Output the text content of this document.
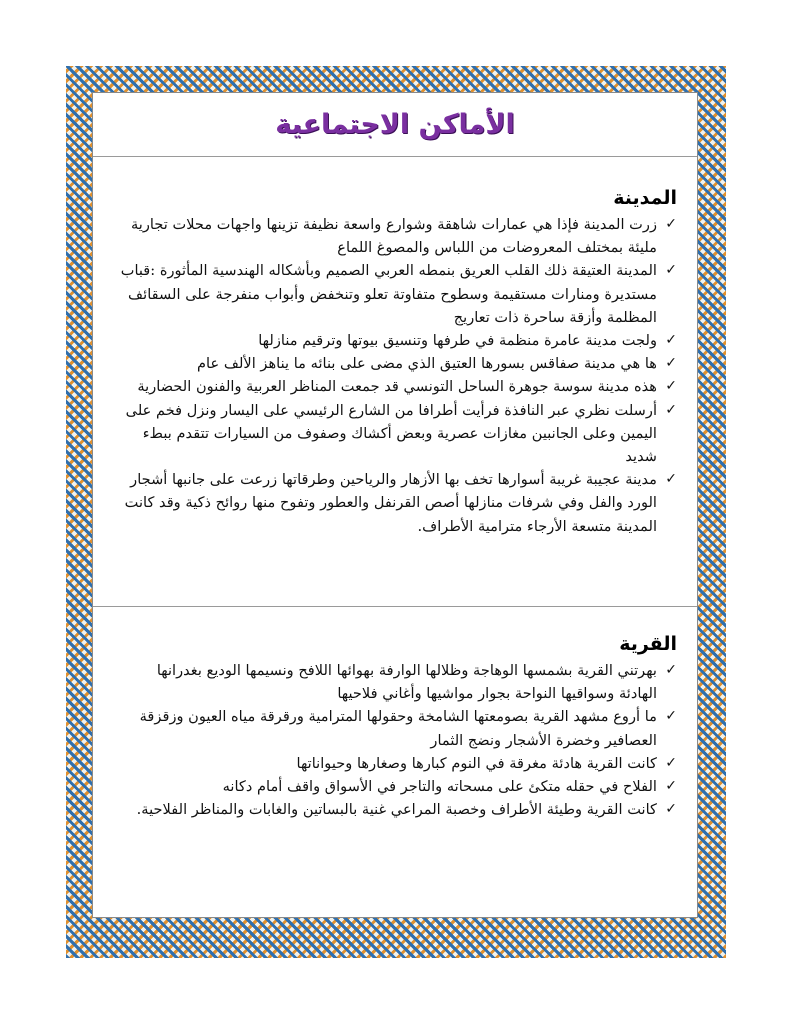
الأماكن الاجتماعية
المدينة
✓
زرت المدينة فإذا هي عمارات شاهقة وشوارع واسعة نظيفة تزينها واجهات محلات تجارية مليئة بمختلف المعروضات من اللباس والمصوغ اللماع
✓
المدينة العتيقة ذلك القلب العريق بنمطه العربي الصميم وبأشكاله الهندسية المأثورة :قباب مستديرة ومنارات مستقيمة وسطوح متفاوتة تعلو وتنخفض وأبواب منفرجة على السقائف المظلمة وأزقة ساحرة ذات تعاريج
✓
ولجت مدينة عامرة منظمة في طرفها وتنسيق بيوتها وترقيم منازلها
✓
ها هي مدينة صفاقس بسورها العتيق الذي مضى على بنائه ما يناهز الألف عام
✓
هذه مدينة سوسة جوهرة الساحل التونسي قد جمعت المناظر العربية والفنون الحضارية
✓
أرسلت نظري عبر النافذة فرأيت أطرافا من الشارع الرئيسي على اليسار ونزل فخم على اليمين وعلى الجانبين مغازات عصرية وبعض أكشاك وصفوف من السيارات تتقدم ببطء شديد
✓
مدينة عجيبة غريبة أسوارها تخف بها الأزهار والرياحين وطرقاتها زرعت على جانبها أشجار الورد والفل وفي شرفات منازلها أصص القرنفل والعطور وتفوح منها روائح ذكية وقد كانت المدينة متسعة الأرجاء مترامية الأطراف.
القرية
✓
بهرتني القرية بشمسها الوهاجة وظلالها الوارفة بهوائها اللافح ونسيمها الوديع بغدرانها الهادئة وسواقيها النواحة بجوار مواشيها وأغاني فلاحيها
✓
ما أروع مشهد القرية بصومعتها الشامخة وحقولها المترامية ورقرقة مياه العيون وزقزقة العصافير وخضرة الأشجار ونضج الثمار
✓
كانت القرية هادئة مغرقة في النوم كبارها وصغارها وحيواناتها
✓
الفلاح في حقله متكئ على مسحاته والتاجر في الأسواق واقف أمام دكانه
✓
كانت القرية وطيئة الأطراف وخصبة المراعي غنية بالبساتين والغابات والمناظر الفلاحية.
